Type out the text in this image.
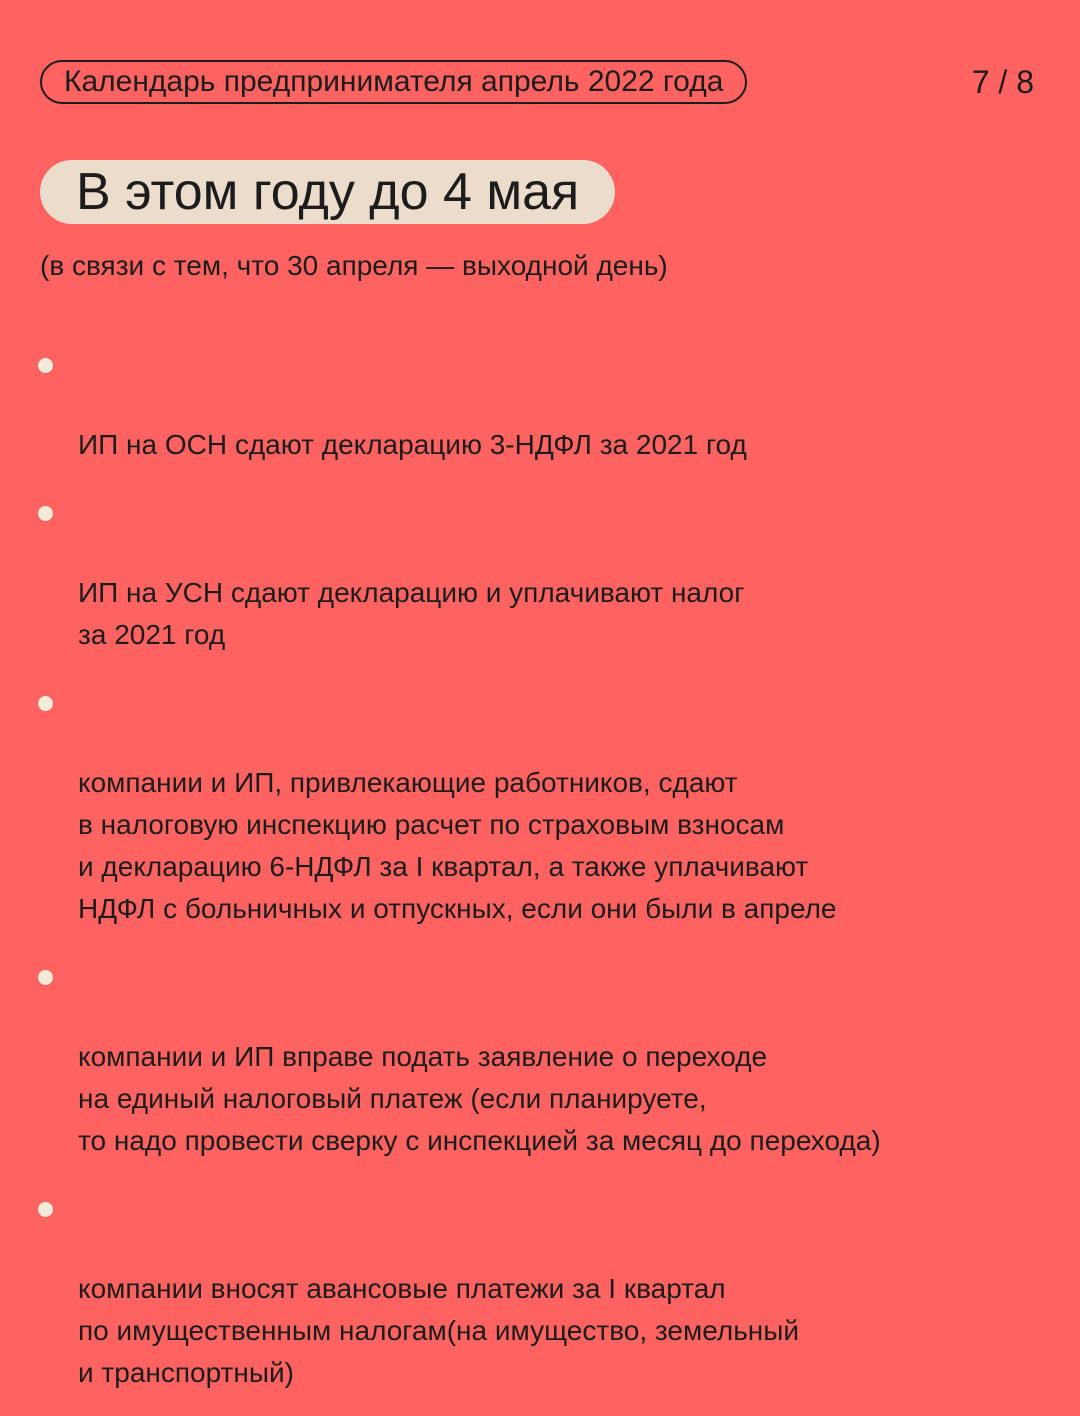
Календарь предпринимателя апрель 2022 года	7 / 8
В этом году до 4 мая
(в связи с тем, что 30 апреля — выходной день)

ИП на ОСН сдают декларацию 3-НДФЛ за 2021 год

ИП на УСН сдают декларацию и уплачивают налог
за 2021 год

компании и ИП, привлекающие работников, сдают
в налоговую инспекцию расчет по страховым взносам
и декларацию 6-НДФЛ за I квартал, а также уплачивают
НДФЛ с больничных и отпускных, если они были в апреле

компании и ИП вправе подать заявление о переходе
на единый налоговый платеж (если планируете,
то надо провести сверку с инспекцией за месяц до перехода)

компании вносят авансовые платежи за I квартал
по имущественным налогам(на имущество, земельный
и транспортный)
